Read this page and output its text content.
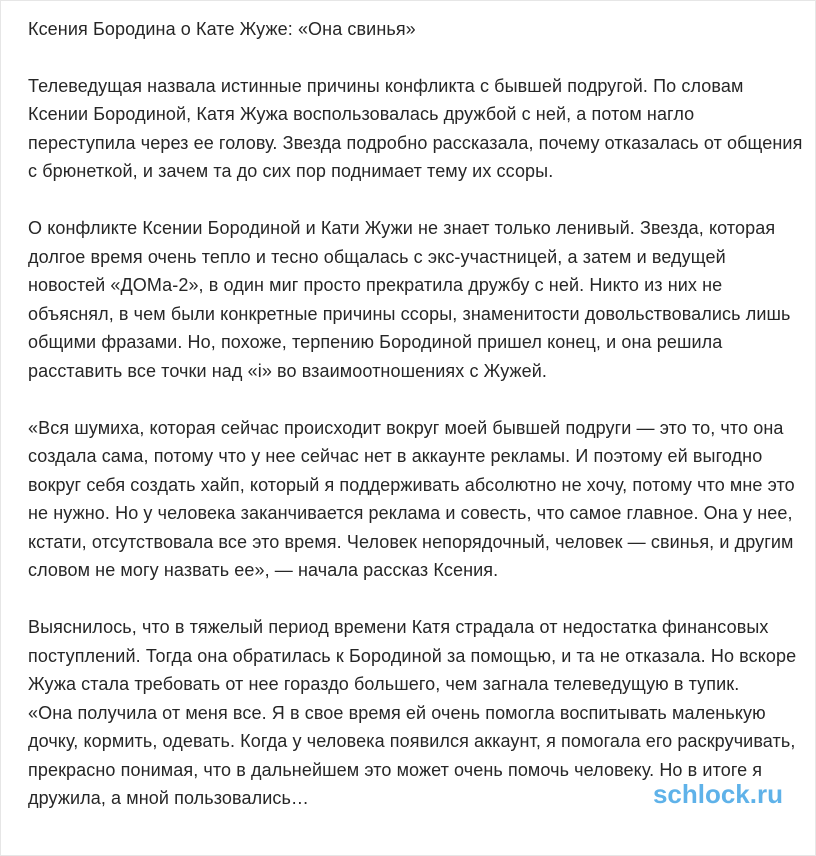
Ксения Бородина о Кате Жуже: «Она свинья»

Телеведущая назвала истинные причины конфликта с бывшей подругой. По словам Ксении Бородиной, Катя Жужа воспользовалась дружбой с ней, а потом нагло переступила через ее голову. Звезда подробно рассказала, почему отказалась от общения с брюнеткой, и зачем та до сих пор поднимает тему их ссоры.

О конфликте Ксении Бородиной и Кати Жужи не знает только ленивый. Звезда, которая долгое время очень тепло и тесно общалась с экс-участницей, а затем и ведущей новостей «ДОМа-2», в один миг просто прекратила дружбу с ней. Никто из них не объяснял, в чем были конкретные причины ссоры, знаменитости довольствовались лишь общими фразами. Но, похоже, терпению Бородиной пришел конец, и она решила расставить все точки над «i» во взаимоотношениях с Жужей.

«Вся шумиха, которая сейчас происходит вокруг моей бывшей подруги — это то, что она создала сама, потому что у нее сейчас нет в аккаунте рекламы. И поэтому ей выгодно вокруг себя создать хайп, который я поддерживать абсолютно не хочу, потому что мне это не нужно. Но у человека заканчивается реклама и совесть, что самое главное. Она у нее, кстати, отсутствовала все это время. Человек непорядочный, человек — свинья, и другим словом не могу назвать ее», — начала рассказ Ксения.

Выяснилось, что в тяжелый период времени Катя страдала от недостатка финансовых поступлений. Тогда она обратилась к Бородиной за помощью, и та не отказала. Но вскоре Жужа стала требовать от нее гораздо большего, чем загнала телеведущую в тупик.

«Она получила от меня все. Я в свое время ей очень помогла воспитывать маленькую дочку, кормить, одевать. Когда у человека появился аккаунт, я помогала его раскручивать, прекрасно понимая, что в дальнейшем это может очень помочь человеку. Но в итоге я дружила, а мной пользовались…	schlock.ru
